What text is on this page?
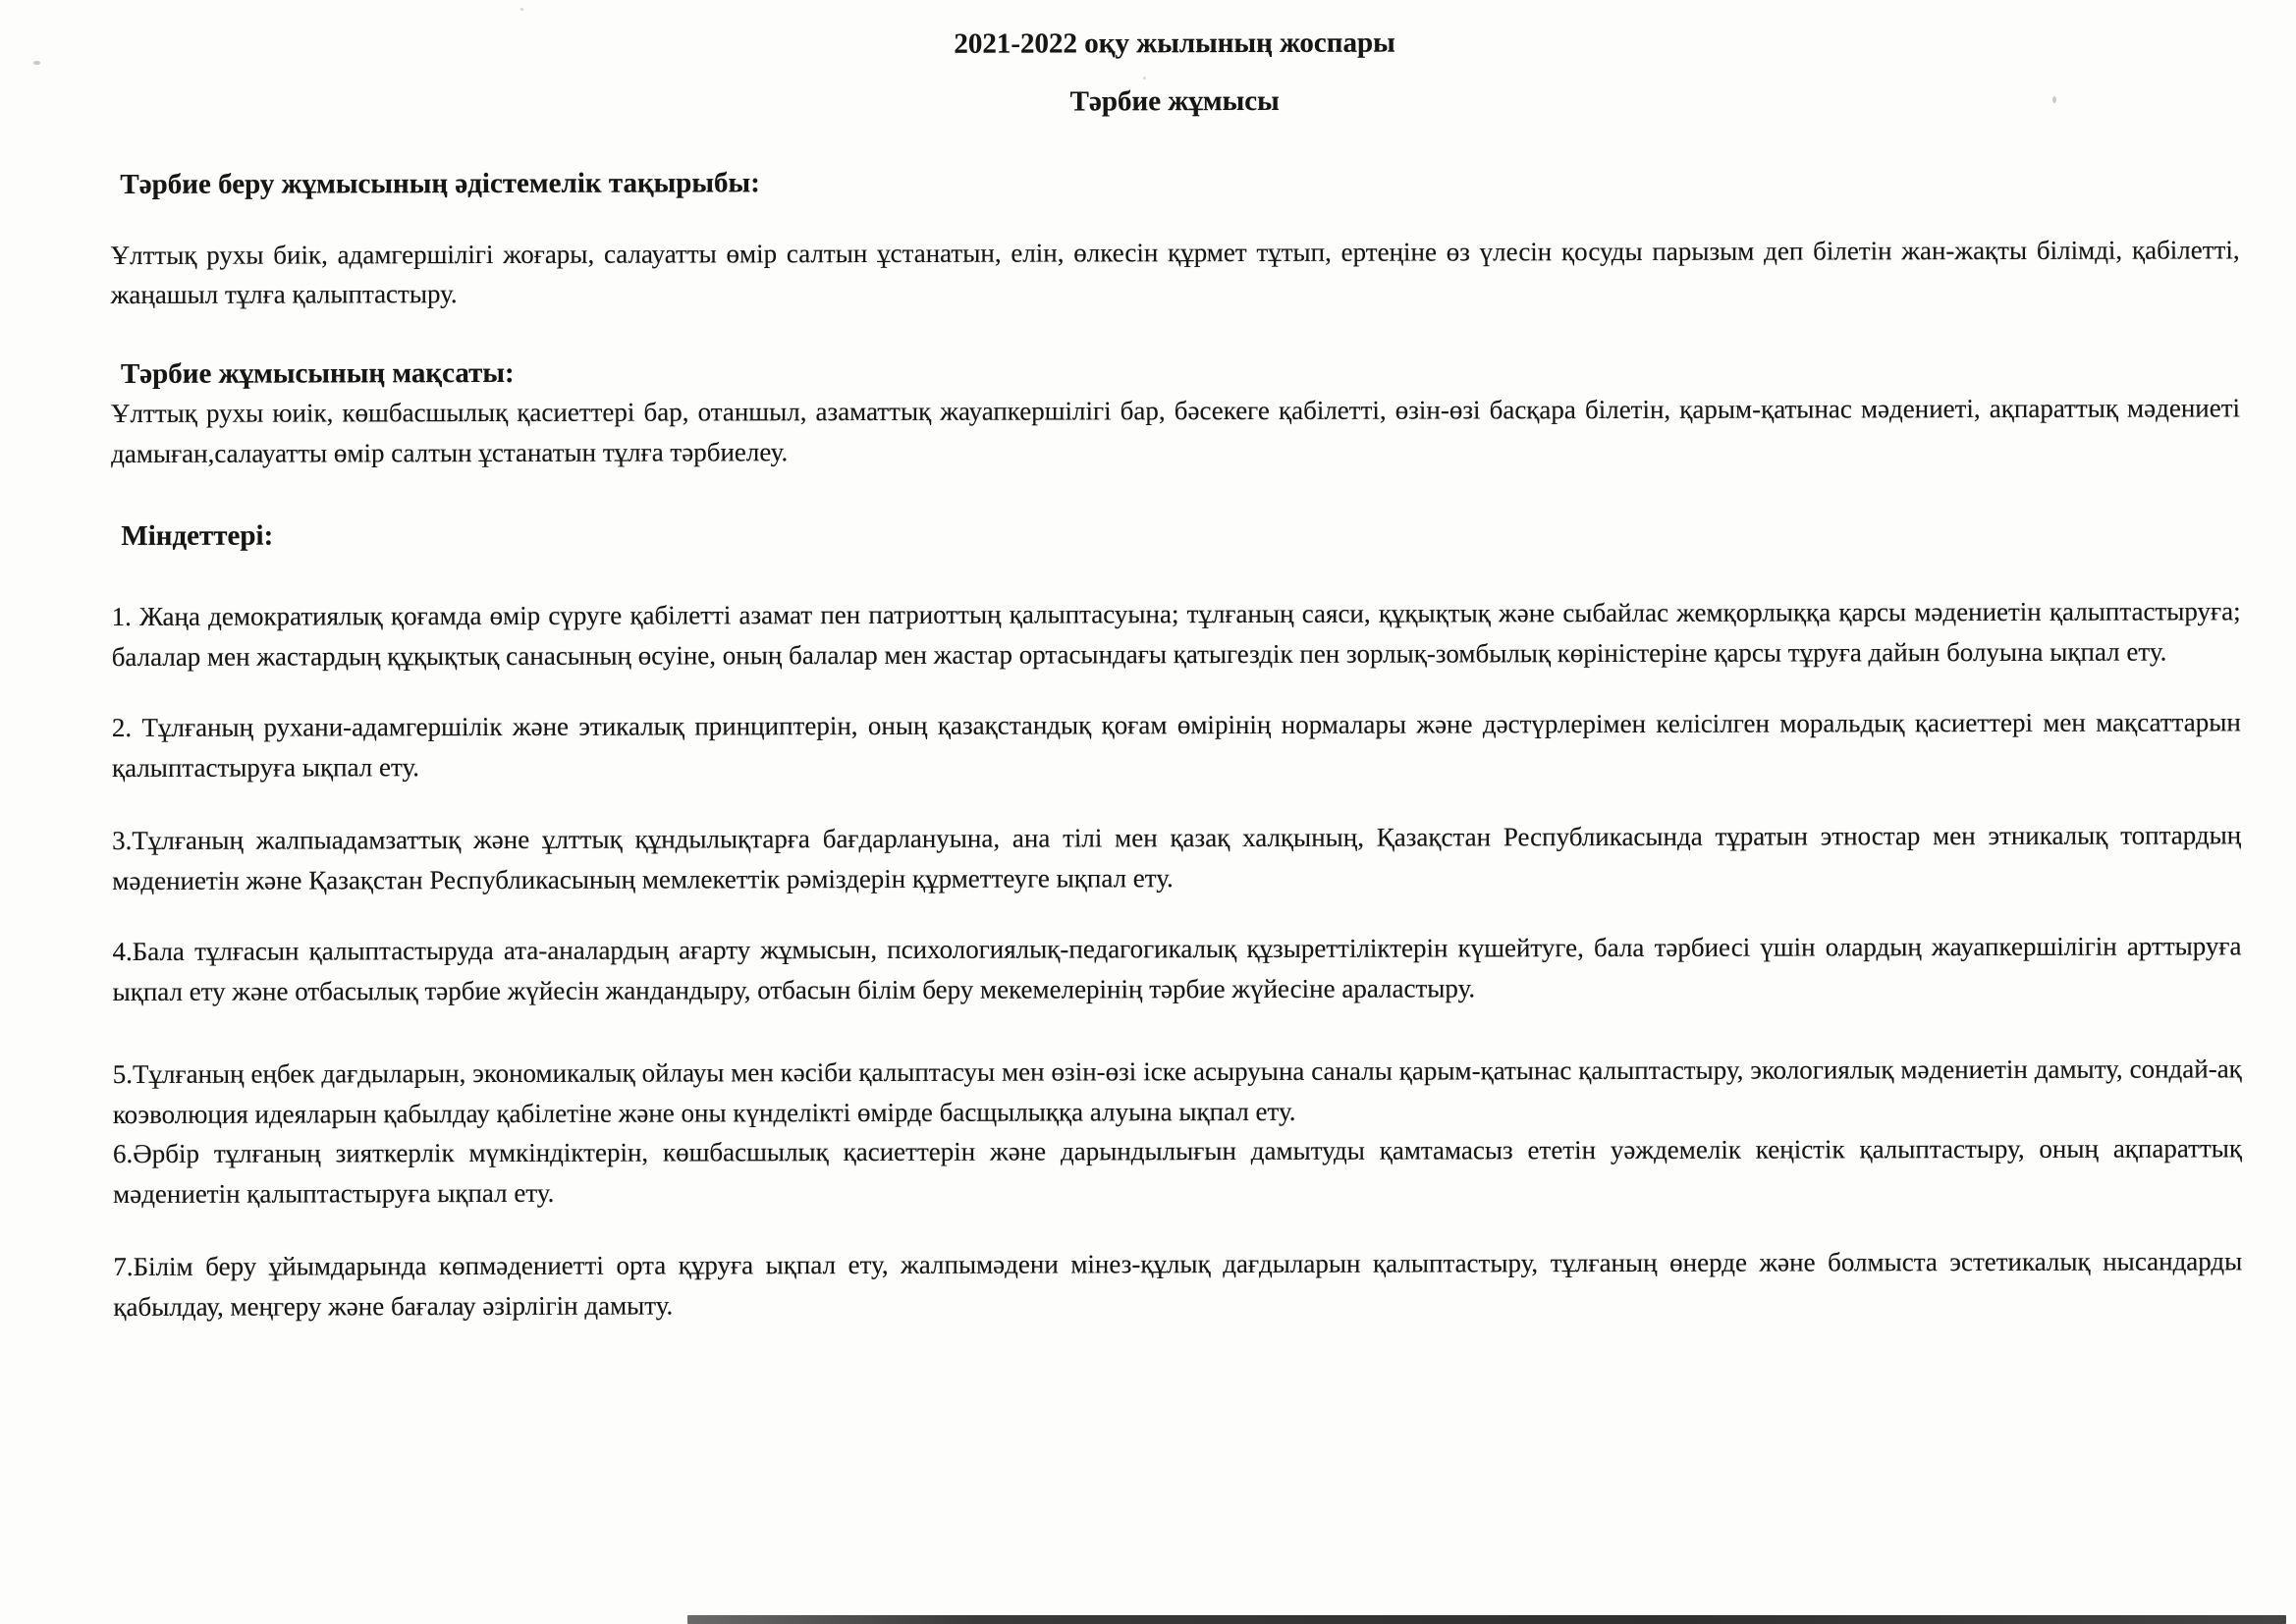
2021-2022 оқу жылының жоспары

Тәрбие жұмысы

Тәрбие беру жұмысының әдістемелік тақырыбы:

Ұлттық рухы биік, адамгершілігі жоғары, салауатты өмір салтын ұстанатын, елін, өлкесін құрмет тұтып, ертеңіне өз үлесін қосуды парызым деп білетін жан-жақты білімді, қабілетті, жаңашыл тұлға қалыптастыру.

Тәрбие жұмысының мақсаты:

Ұлттық рухы юиік, көшбасшылық қасиеттері бар, отаншыл, азаматтық жауапкершілігі бар, бәсекеге қабілетті, өзін-өзі басқара білетін, қарым-қатынас мәдениеті, ақпараттық мәдениеті дамыған,салауатты өмір салтын ұстанатын тұлға тәрбиелеу.

Міндеттері:

1. Жаңа демократиялық қоғамда өмір сүруге қабілетті азамат пен патриоттың қалыптасуына; тұлғаның саяси, құқықтық және сыбайлас жемқорлыққа қарсы мәдениетін қалыптастыруға; балалар мен жастардың құқықтық санасының өсуіне, оның балалар мен жастар ортасындағы қатыгездік пен зорлық-зомбылық көріністеріне қарсы тұруға дайын болуына ықпал ету.

2. Тұлғаның рухани-адамгершілік және этикалық принциптерін, оның қазақстандық қоғам өмірінің нормалары және дәстүрлерімен келісілген моральдық қасиеттері мен мақсаттарын қалыптастыруға ықпал ету.

3.Тұлғаның жалпыадамзаттық және ұлттық құндылықтарға бағдарлануына, ана тілі мен қазақ халқының, Қазақстан Республикасында тұратын этностар мен этникалық топтардың мәдениетін және Қазақстан Республикасының мемлекеттік рәміздерін құрметтеуге ықпал ету.

4.Бала тұлғасын қалыптастыруда ата-аналардың ағарту жұмысын, психологиялық-педагогикалық құзыреттіліктерін күшейтуге, бала тәрбиесі үшін олардың жауапкершілігін арттыруға ықпал ету және отбасылық тәрбие жүйесін жандандыру, отбасын білім беру мекемелерінің тәрбие жүйесіне араластыру.

5.Тұлғаның еңбек дағдыларын, экономикалық ойлауы мен кәсіби қалыптасуы мен өзін-өзі іске асыруына саналы қарым-қатынас қалыптастыру, экологиялық мәдениетін дамыту, сондай-ақ коэволюция идеяларын қабылдау қабілетіне және оны күнделікті өмірде басщылыққа алуына ықпал ету.

6.Әрбір тұлғаның зияткерлік мүмкіндіктерін, көшбасшылық қасиеттерін және дарындылығын дамытуды қамтамасыз ететін уәждемелік кеңістік қалыптастыру, оның ақпараттық мәдениетін қалыптастыруға ықпал ету.

7.Білім беру ұйымдарында көпмәдениетті орта құруға ықпал ету, жалпымәдени мінез-құлық дағдыларын қалыптастыру, тұлғаның өнерде және болмыста эстетикалық нысандарды қабылдау, меңгеру және бағалау әзірлігін дамыту.
